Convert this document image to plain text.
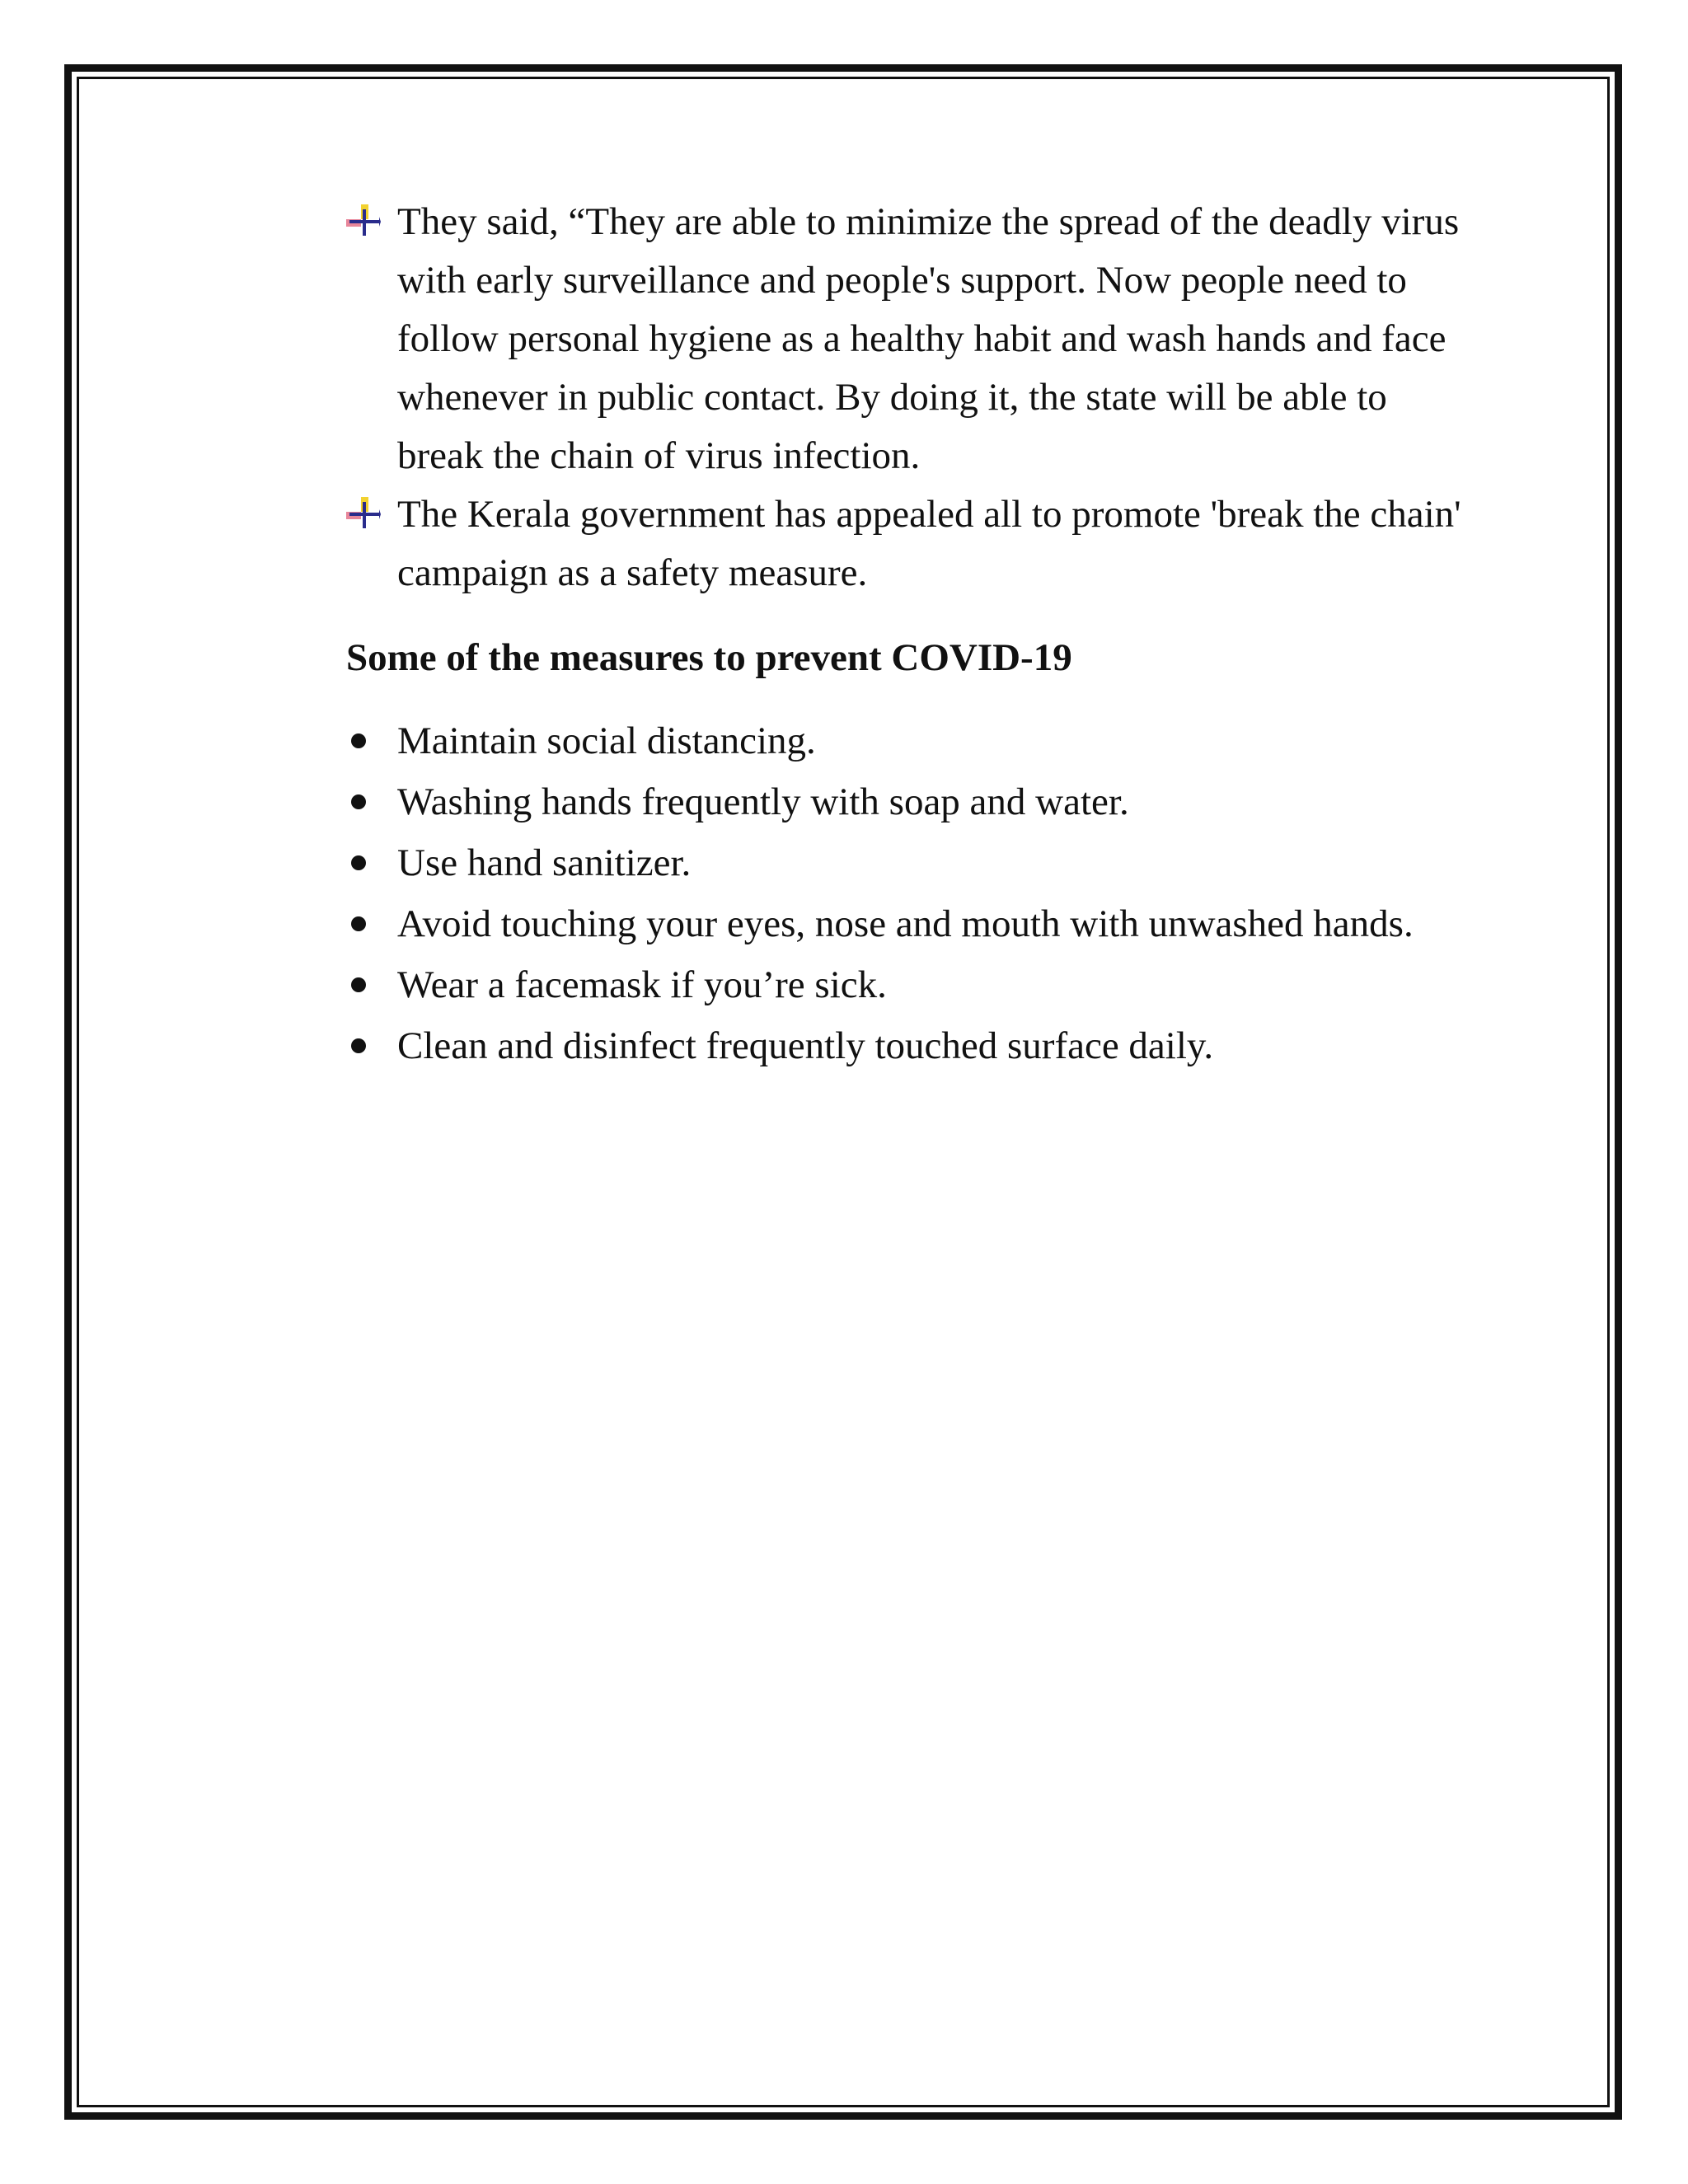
They said, “They are able to minimize the spread of the deadly virus with early surveillance and people's support. Now people need to follow personal hygiene as a healthy habit and wash hands and face whenever in public contact. By doing it, the state will be able to break the chain of virus infection.
The Kerala government has appealed all to promote 'break the chain' campaign as a safety measure.
Some of the measures to prevent COVID-19
Maintain social distancing.
Washing hands frequently with soap and water.
Use hand sanitizer.
Avoid touching your eyes, nose and mouth with unwashed hands.
Wear a facemask if you’re sick.
Clean and disinfect frequently touched surface daily.
